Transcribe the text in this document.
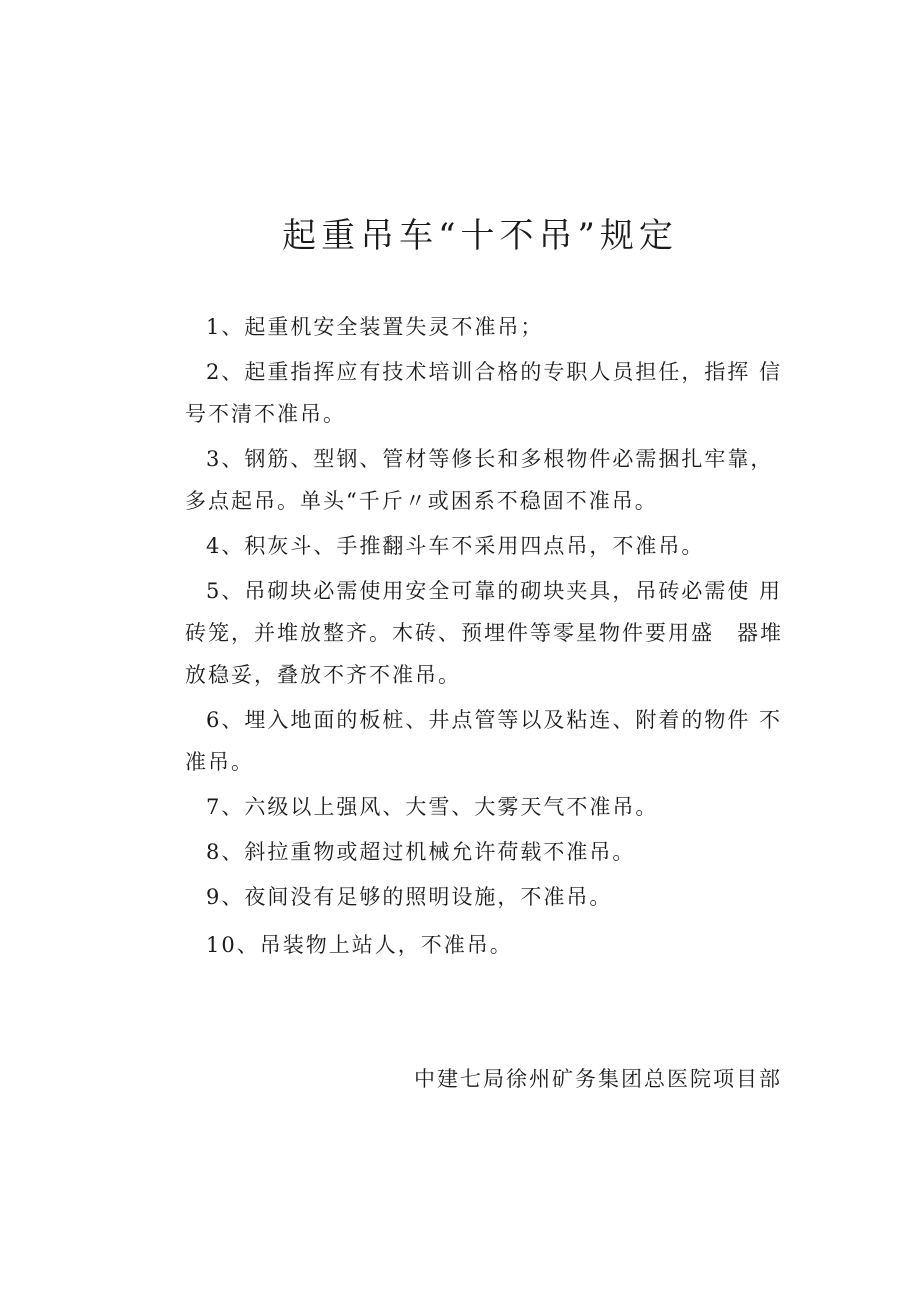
起重吊车“十不吊”规定
1、起重机安全装置失灵不准吊；
2、起重指挥应有技术培训合格的专职人员担任，指挥 信号不清不准吊。
3、钢筋、型钢、管材等修长和多根物件必需捆扎牢靠，多点起吊。单头“千斤〃或困系不稳固不准吊。
4、积灰斗、手推翻斗车不采用四点吊，不准吊。
5、吊砌块必需使用安全可靠的砌块夹具，吊砖必需使 用砖笼，并堆放整齐。木砖、预埋件等零星物件要用盛　器堆放稳妥，叠放不齐不准吊。
6、埋入地面的板桩、井点管等以及粘连、附着的物件 不准吊。
7、六级以上强风、大雪、大雾天气不准吊。
8、斜拉重物或超过机械允许荷载不准吊。
9、夜间没有足够的照明设施，不准吊。
10、吊装物上站人，不准吊。
中建七局徐州矿务集团总医院项目部
